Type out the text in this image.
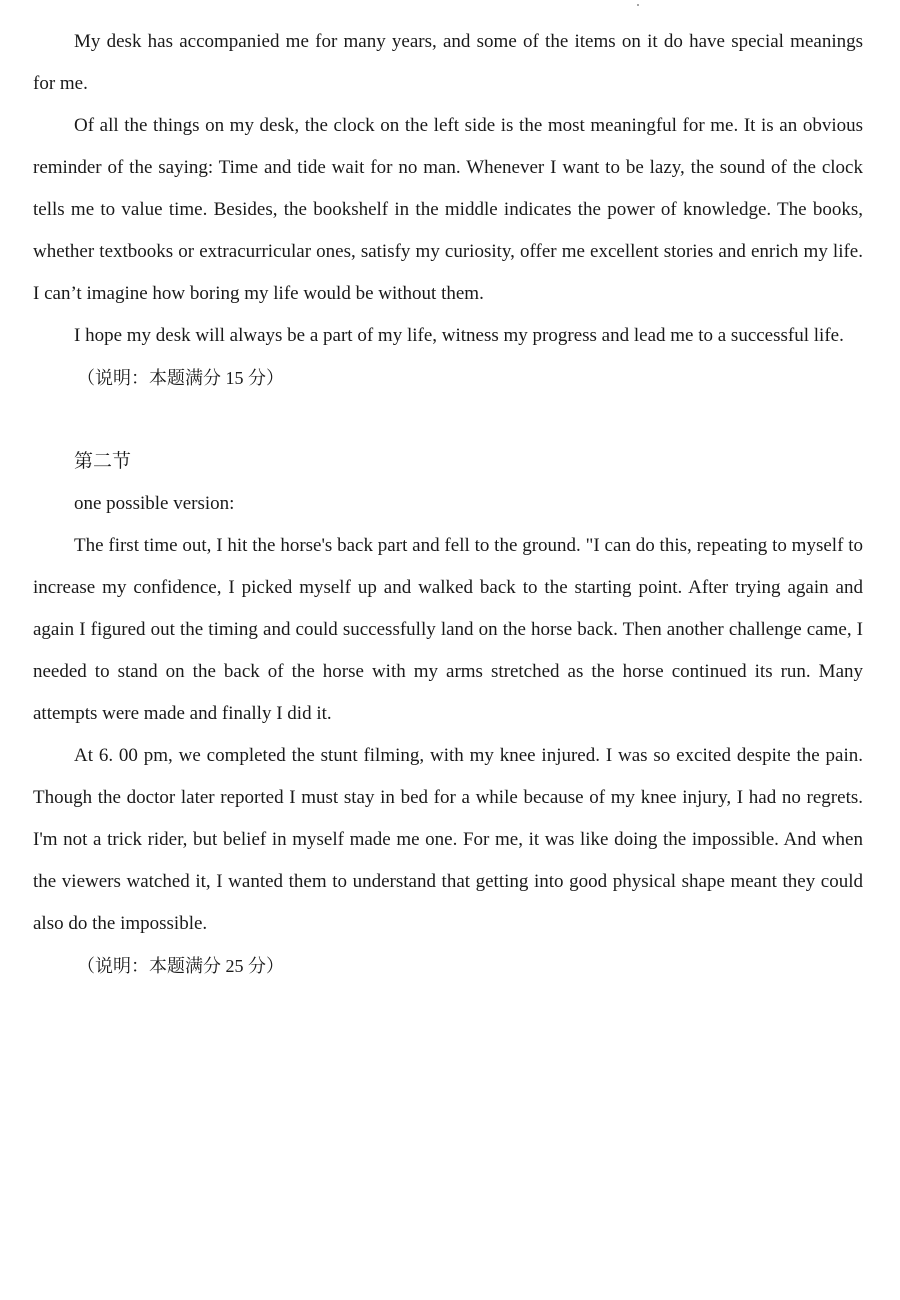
My desk has accompanied me for many years, and some of the items on it do have special meanings for me.

Of all the things on my desk, the clock on the left side is the most meaningful for me. It is an obvious reminder of the saying: Time and tide wait for no man. Whenever I want to be lazy, the sound of the clock tells me to value time. Besides, the bookshelf in the middle indicates the power of knowledge. The books, whether textbooks or extracurricular ones, satisfy my curiosity, offer me excellent stories and enrich my life. I can’t imagine how boring my life would be without them.

I hope my desk will always be a part of my life, witness my progress and lead me to a successful life.

（说明：本题满分 15 分）

第二节

one possible version:

The first time out, I hit the horse's back part and fell to the ground. "I can do this, repeating to myself to increase my confidence, I picked myself up and walked back to the starting point. After trying again and again I figured out the timing and could successfully land on the horse back. Then another challenge came, I needed to stand on the back of the horse with my arms stretched as the horse continued its run. Many attempts were made and finally I did it.

At 6. 00 pm, we completed the stunt filming, with my knee injured. I was so excited despite the pain. Though the doctor later reported I must stay in bed for a while because of my knee injury, I had no regrets. I'm not a trick rider, but belief in myself made me one. For me, it was like doing the impossible. And when the viewers watched it, I wanted them to understand that getting into good physical shape meant they could also do the impossible.

（说明：本题满分 25 分）
